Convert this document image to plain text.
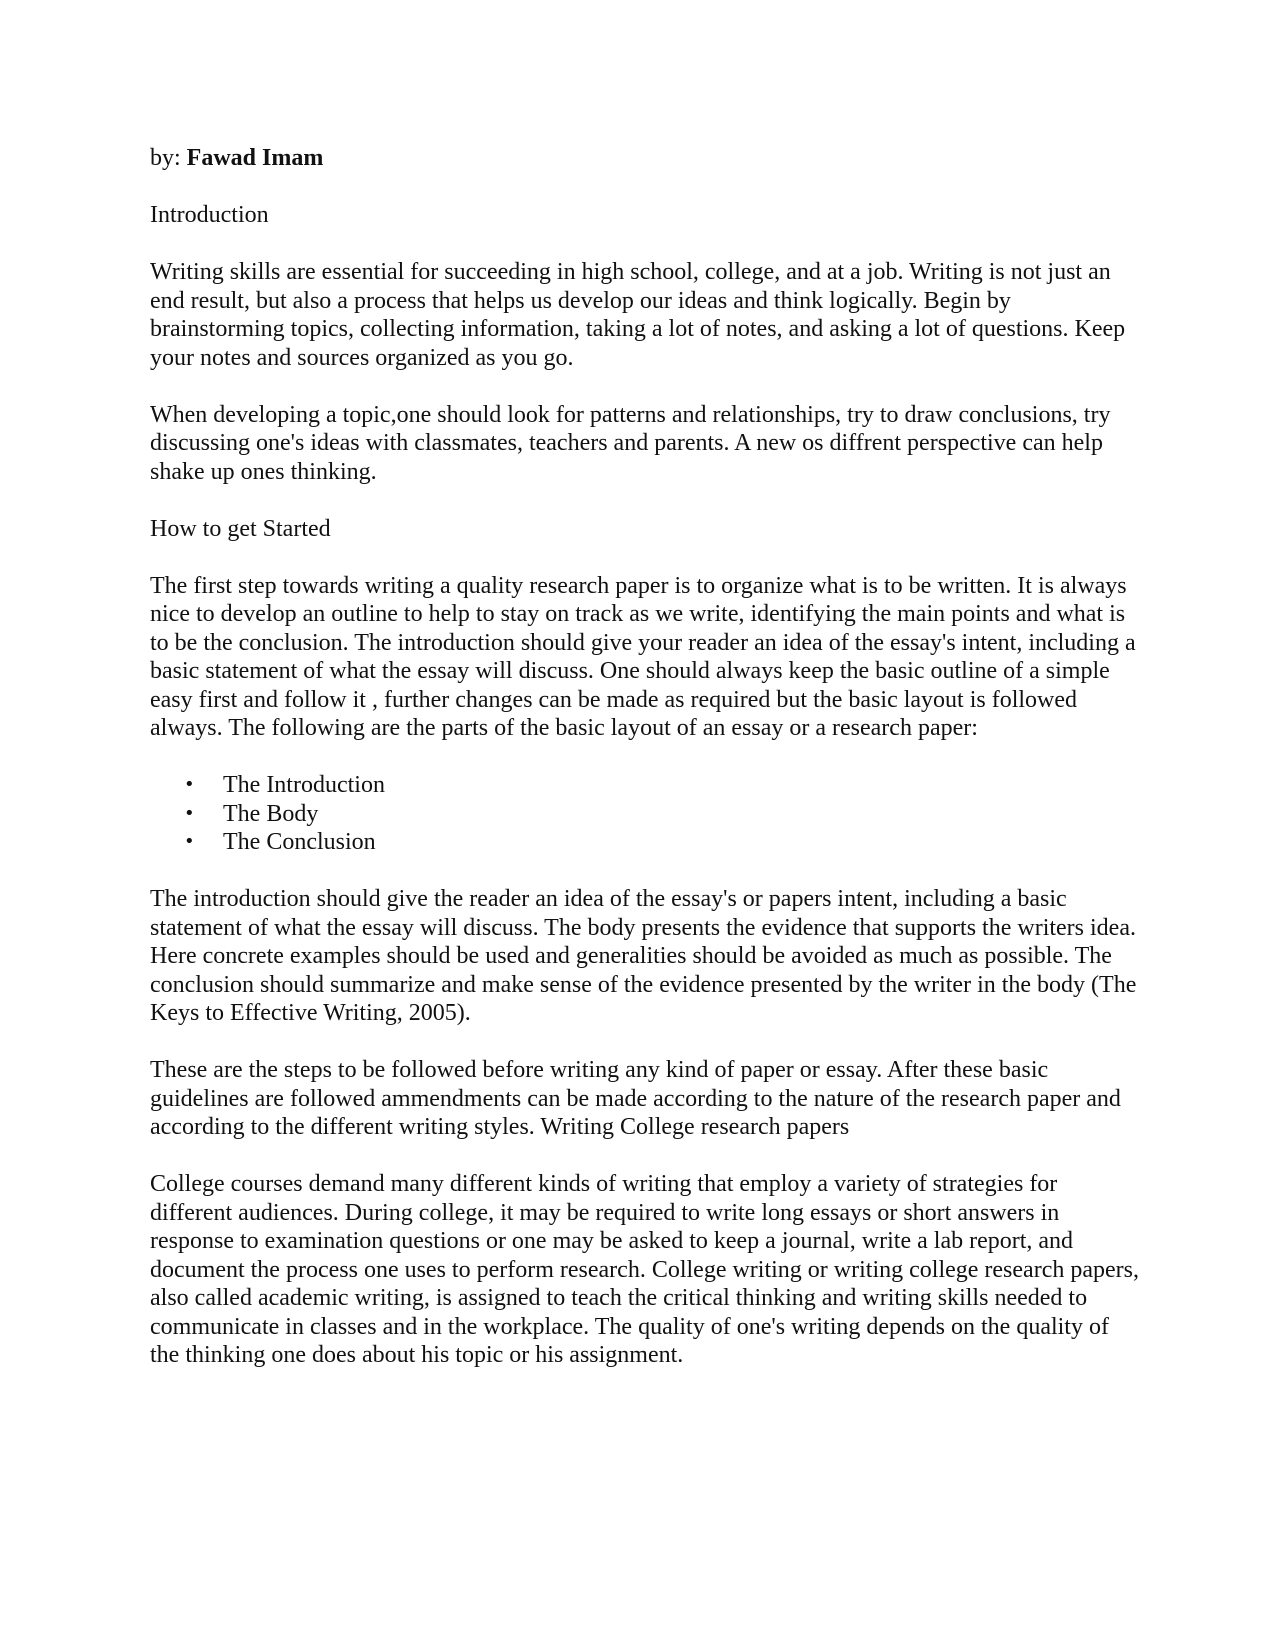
by: Fawad Imam

Introduction

Writing skills are essential for succeeding in high school, college, and at a job. Writing is not just an end result, but also a process that helps us develop our ideas and think logically. Begin by brainstorming topics, collecting information, taking a lot of notes, and asking a lot of questions. Keep your notes and sources organized as you go.

When developing a topic,one should look for patterns and relationships, try to draw conclusions, try discussing one's ideas with classmates, teachers and parents. A new os diffrent perspective can help shake up ones thinking.

How to get Started

The first step towards writing a quality research paper is to organize what is to be written. It is always nice to develop an outline to help to stay on track as we write, identifying the main points and what is to be the conclusion. The introduction should give your reader an idea of the essay's intent, including a basic statement of what the essay will discuss. One should always keep the basic outline of a simple easy first and follow it , further changes can be made as required but the basic layout is followed always. The following are the parts of the basic layout of an essay or a research paper:

• The Introduction
• The Body
• The Conclusion

The introduction should give the reader an idea of the essay's or papers intent, including a basic statement of what the essay will discuss. The body presents the evidence that supports the writers idea. Here concrete examples should be used and generalities should be avoided as much as possible. The conclusion should summarize and make sense of the evidence presented by the writer in the body (The Keys to Effective Writing, 2005).

These are the steps to be followed before writing any kind of paper or essay. After these basic guidelines are followed ammendments can be made according to the nature of the research paper and according to the different writing styles. Writing College research papers

College courses demand many different kinds of writing that employ a variety of strategies for different audiences. During college, it may be required to write long essays or short answers in response to examination questions or one may be asked to keep a journal, write a lab report, and document the process one uses to perform research. College writing or writing college research papers, also called academic writing, is assigned to teach the critical thinking and writing skills needed to communicate in classes and in the workplace. The quality of one's writing depends on the quality of the thinking one does about his topic or his assignment.
